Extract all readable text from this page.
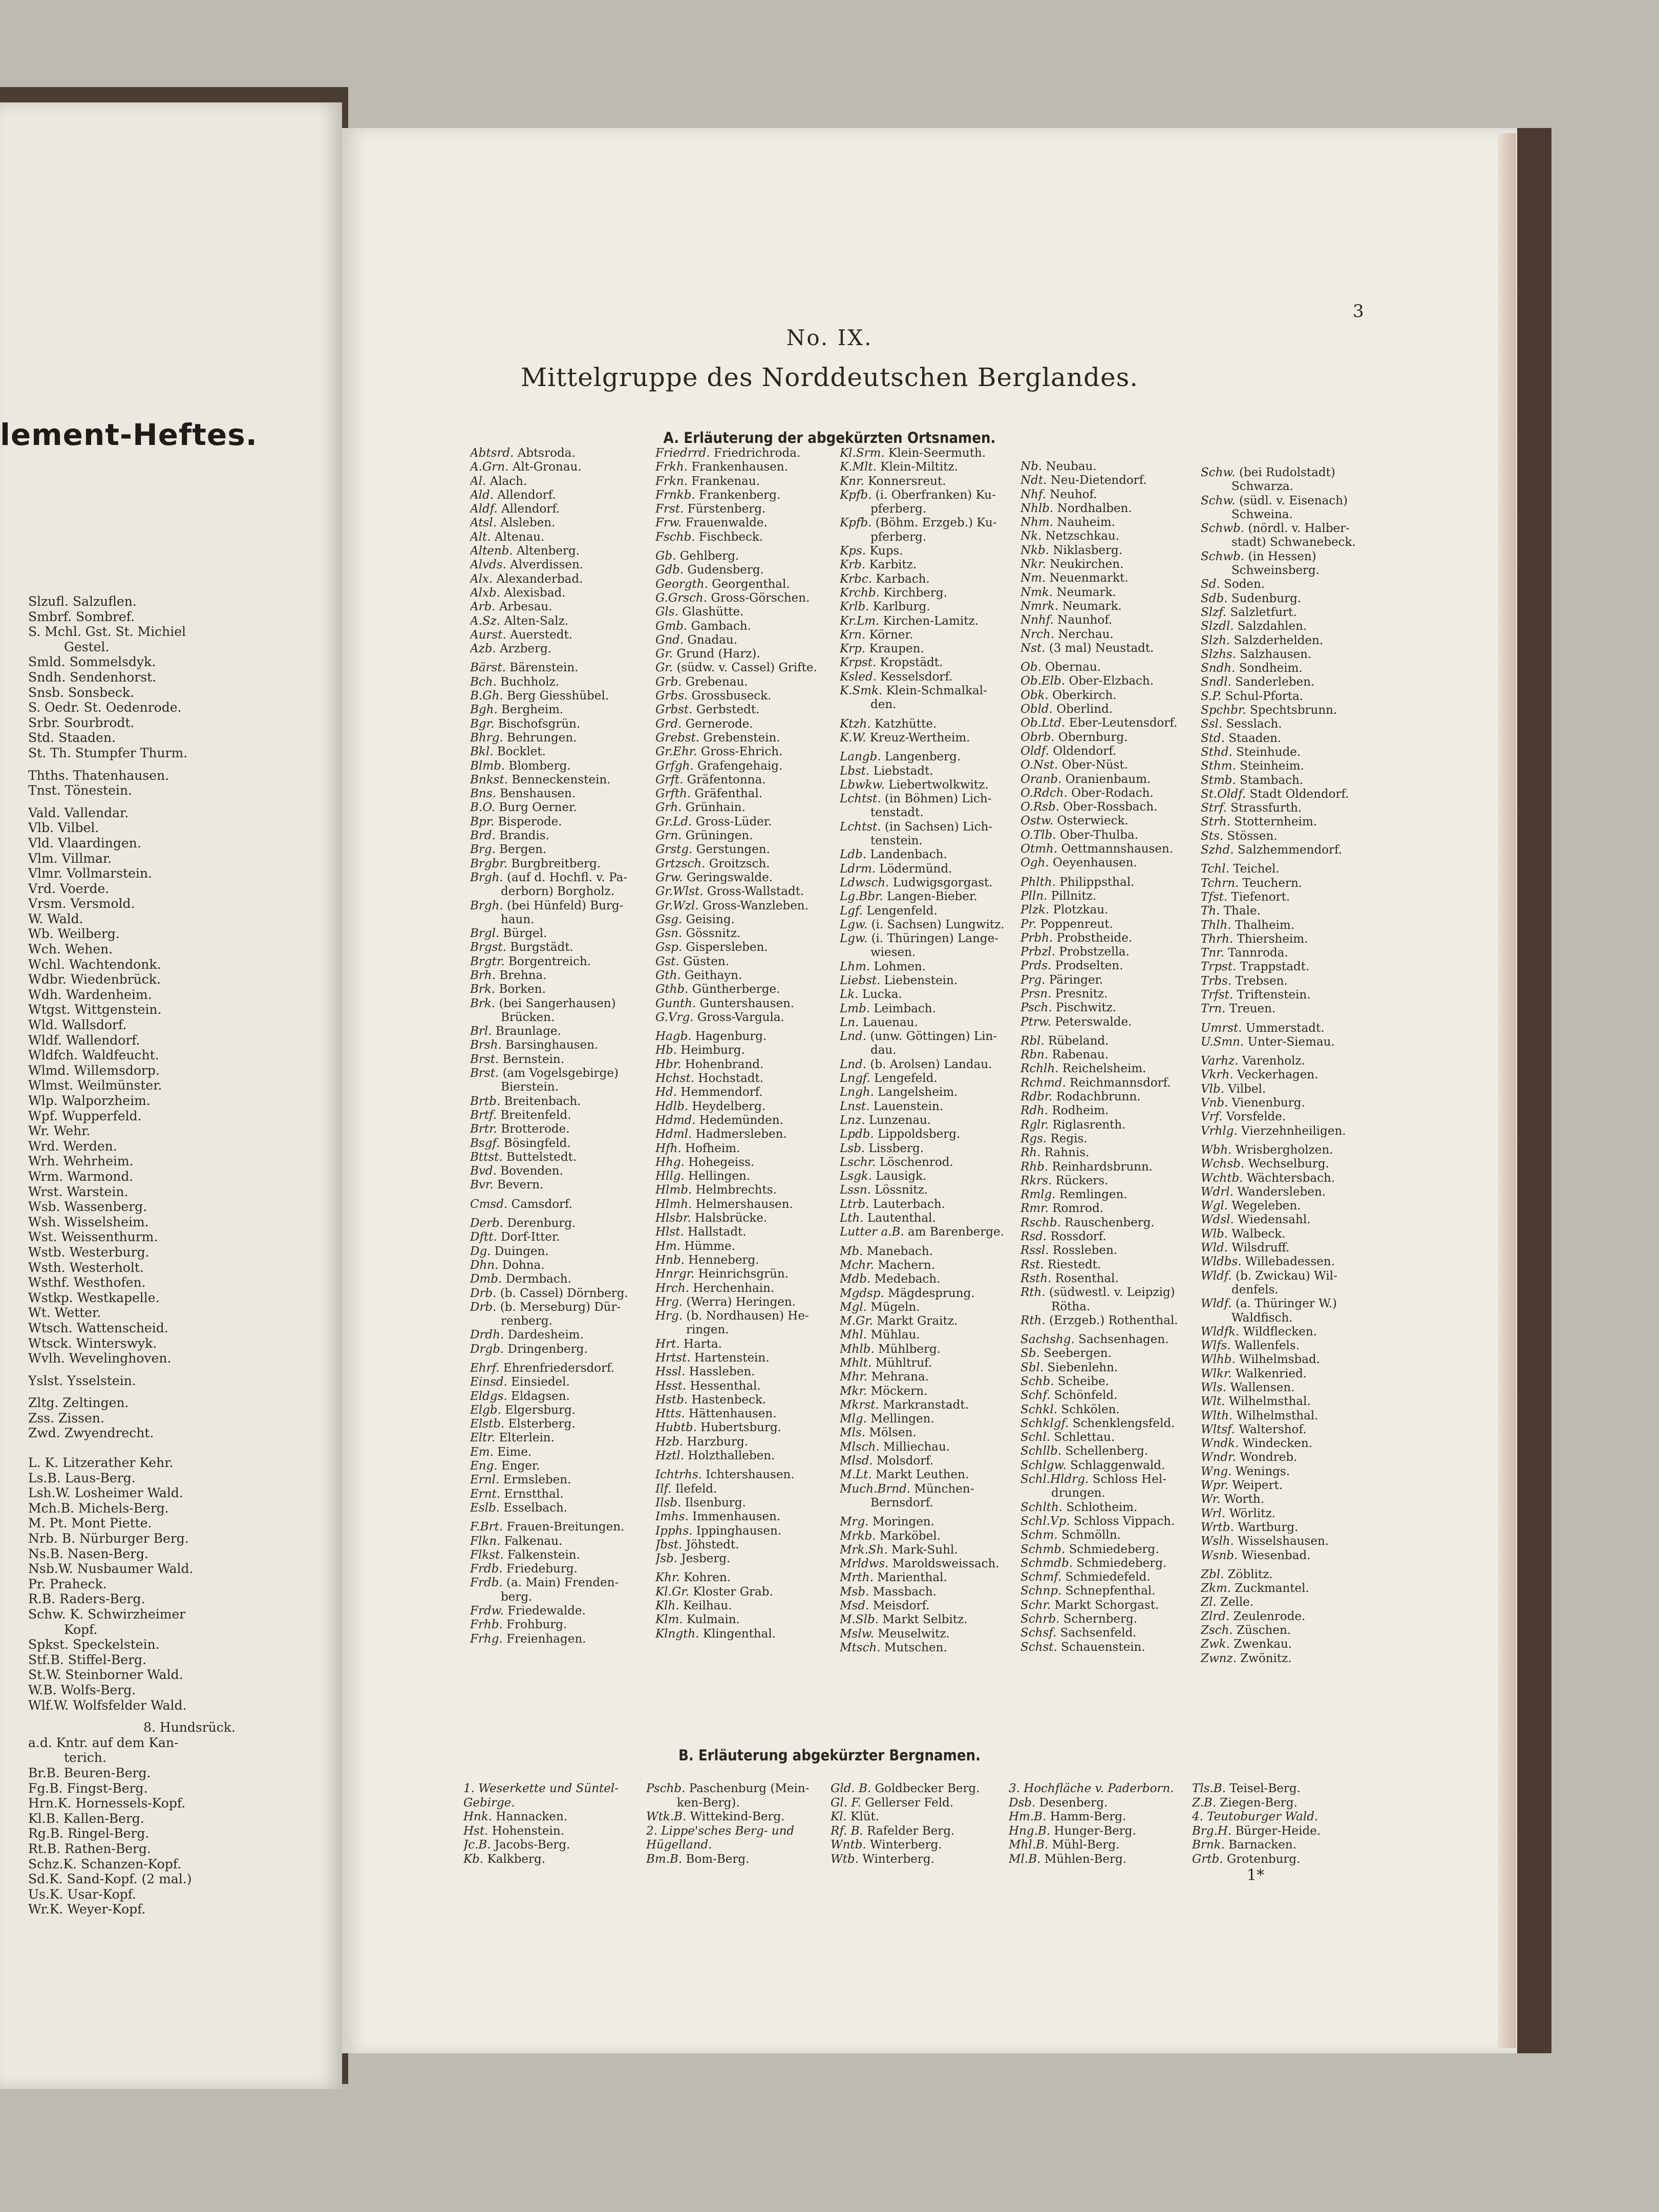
lement-Heftes.
Slzufl. Salzuflen.
Smbrf. Sombref.
S. Mchl. Gst. St. Michiel
Gestel.
Smld. Sommelsdyk.
Sndh. Sendenhorst.
Snsb. Sonsbeck.
S. Oedr. St. Oedenrode.
Srbr. Sourbrodt.
Std. Staaden.
St. Th. Stumpfer Thurm.
Thths. Thatenhausen.
Tnst. Tönestein.
Vald. Vallendar.
Vlb. Vilbel.
Vld. Vlaardingen.
Vlm. Villmar.
Vlmr. Vollmarstein.
Vrd. Voerde.
Vrsm. Versmold.
W. Wald.
Wb. Weilberg.
Wch. Wehen.
Wchl. Wachtendonk.
Wdbr. Wiedenbrück.
Wdh. Wardenheim.
Wtgst. Wittgenstein.
Wld. Wallsdorf.
Wldf. Wallendorf.
Wldfch. Waldfeucht.
Wlmd. Willemsdorp.
Wlmst. Weilmünster.
Wlp. Walporzheim.
Wpf. Wupperfeld.
Wr. Wehr.
Wrd. Werden.
Wrh. Wehrheim.
Wrm. Warmond.
Wrst. Warstein.
Wsb. Wassenberg.
Wsh. Wisselsheim.
Wst. Weissenthurm.
Wstb. Westerburg.
Wsth. Westerholt.
Wsthf. Westhofen.
Wstkp. Westkapelle.
Wt. Wetter.
Wtsch. Wattenscheid.
Wtsck. Winterswyk.
Wvlh. Wevelinghoven.
Yslst. Ysselstein.
Zltg. Zeltingen.
Zss. Zissen.
Zwd. Zwyendrecht.
L. K. Litzerather Kehr.
Ls.B. Laus-Berg.
Lsh.W. Losheimer Wald.
Mch.B. Michels-Berg.
M. Pt. Mont Piette.
Nrb. B. Nürburger Berg.
Ns.B. Nasen-Berg.
Nsb.W. Nusbaumer Wald.
Pr. Praheck.
R.B. Raders-Berg.
Schw. K. Schwirzheimer
Kopf.
Spkst. Speckelstein.
Stf.B. Stiffel-Berg.
St.W. Steinborner Wald.
W.B. Wolfs-Berg.
Wlf.W. Wolfsfelder Wald.
8. Hundsrück.
a.d. Kntr. auf dem Kan-
terich.
Br.B. Beuren-Berg.
Fg.B. Fingst-Berg.
Hrn.K. Hornessels-Kopf.
Kl.B. Kallen-Berg.
Rg.B. Ringel-Berg.
Rt.B. Rathen-Berg.
Schz.K. Schanzen-Kopf.
Sd.K. Sand-Kopf. (2 mal.)
Us.K. Usar-Kopf.
Wr.K. Weyer-Kopf.
3
No. IX.
Mittelgruppe des Norddeutschen Berglandes.
A. Erläuterung der abgekürzten Ortsnamen.
Abtsrd. Abtsroda.
A.Grn. Alt-Gronau.
Al. Alach.
Ald. Allendorf.
Aldf. Allendorf.
Atsl. Alsleben.
Alt. Altenau.
Altenb. Altenberg.
Alvds. Alverdissen.
Alx. Alexanderbad.
Alxb. Alexisbad.
Arb. Arbesau.
A.Sz. Alten-Salz.
Aurst. Auerstedt.
Azb. Arzberg.
Bärst. Bärenstein.
Bch. Buchholz.
B.Gh. Berg Giesshübel.
Bgh. Bergheim.
Bgr. Bischofsgrün.
Bhrg. Behrungen.
Bkl. Bocklet.
Blmb. Blomberg.
Bnkst. Benneckenstein.
Bns. Benshausen.
B.O. Burg Oerner.
Bpr. Bisperode.
Brd. Brandis.
Brg. Bergen.
Brgbr. Burgbreitberg.
Brgh. (auf d. Hochfl. v. Pa-
derborn) Borgholz.
Brgh. (bei Hünfeld) Burg-
haun.
Brgl. Bürgel.
Brgst. Burgstädt.
Brgtr. Borgentreich.
Brh. Brehna.
Brk. Borken.
Brk. (bei Sangerhausen)
Brücken.
Brl. Braunlage.
Brsh. Barsinghausen.
Brst. Bernstein.
Brst. (am Vogelsgebirge)
Bierstein.
Brtb. Breitenbach.
Brtf. Breitenfeld.
Brtr. Brotterode.
Bsgf. Bösingfeld.
Bttst. Buttelstedt.
Bvd. Bovenden.
Bvr. Bevern.
Cmsd. Camsdorf.
Derb. Derenburg.
Dftt. Dorf-Itter.
Dg. Duingen.
Dhn. Dohna.
Dmb. Dermbach.
Drb. (b. Cassel) Dörnberg.
Drb. (b. Merseburg) Dür-
renberg.
Drdh. Dardesheim.
Drgb. Dringenberg.
Ehrf. Ehrenfriedersdorf.
Einsd. Einsiedel.
Eldgs. Eldagsen.
Elgb. Elgersburg.
Elstb. Elsterberg.
Eltr. Elterlein.
Em. Eime.
Eng. Enger.
Ernl. Ermsleben.
Ernt. Ernstthal.
Eslb. Esselbach.
F.Brt. Frauen-Breitungen.
Flkn. Falkenau.
Flkst. Falkenstein.
Frdb. Friedeburg.
Frdb. (a. Main) Frenden-
berg.
Frdw. Friedewalde.
Frhb. Frohburg.
Frhg. Freienhagen.
Friedrrd. Friedrichroda.
Frkh. Frankenhausen.
Frkn. Frankenau.
Frnkb. Frankenberg.
Frst. Fürstenberg.
Frw. Frauenwalde.
Fschb. Fischbeck.
Gb. Gehlberg.
Gdb. Gudensberg.
Georgth. Georgenthal.
G.Grsch. Gross-Görschen.
Gls. Glashütte.
Gmb. Gambach.
Gnd. Gnadau.
Gr. Grund (Harz).
Gr. (südw. v. Cassel) Grifte.
Grb. Grebenau.
Grbs. Grossbuseck.
Grbst. Gerbstedt.
Grd. Gernerode.
Grebst. Grebenstein.
Gr.Ehr. Gross-Ehrich.
Grfgh. Grafengehaig.
Grft. Gräfentonna.
Grfth. Gräfenthal.
Grh. Grünhain.
Gr.Ld. Gross-Lüder.
Grn. Grüningen.
Grstg. Gerstungen.
Grtzsch. Groitzsch.
Grw. Geringswalde.
Gr.Wlst. Gross-Wallstadt.
Gr.Wzl. Gross-Wanzleben.
Gsg. Geising.
Gsn. Gössnitz.
Gsp. Gispersleben.
Gst. Güsten.
Gth. Geithayn.
Gthb. Güntherberge.
Gunth. Guntershausen.
G.Vrg. Gross-Vargula.
Hagb. Hagenburg.
Hb. Heimburg.
Hbr. Hohenbrand.
Hchst. Hochstadt.
Hd. Hemmendorf.
Hdlb. Heydelberg.
Hdmd. Hedemünden.
Hdml. Hadmersleben.
Hfh. Hofheim.
Hhg. Hohegeiss.
Hllg. Hellingen.
Hlmb. Helmbrechts.
Hlmh. Helmershausen.
Hlsbr. Halsbrücke.
Hlst. Hallstadt.
Hm. Hümme.
Hnb. Henneberg.
Hnrgr. Heinrichsgrün.
Hrch. Herchenhain.
Hrg. (Werra) Heringen.
Hrg. (b. Nordhausen) He-
ringen.
Hrt. Harta.
Hrtst. Hartenstein.
Hssl. Hassleben.
Hsst. Hessenthal.
Hstb. Hastenbeck.
Htts. Hättenhausen.
Hubtb. Hubertsburg.
Hzb. Harzburg.
Hztl. Holzthalleben.
Ichtrhs. Ichtershausen.
Ilf. Ilefeld.
Ilsb. Ilsenburg.
Imhs. Immenhausen.
Ipphs. Ippinghausen.
Jbst. Jöhstedt.
Jsb. Jesberg.
Khr. Kohren.
Kl.Gr. Kloster Grab.
Klh. Keilhau.
Klm. Kulmain.
Klngth. Klingenthal.
Kl.Srm. Klein-Seermuth.
K.Mlt. Klein-Miltitz.
Knr. Konnersreut.
Kpfb. (i. Oberfranken) Ku-
pferberg.
Kpfb. (Böhm. Erzgeb.) Ku-
pferberg.
Kps. Kups.
Krb. Karbitz.
Krbc. Karbach.
Krchb. Kirchberg.
Krlb. Karlburg.
Kr.Lm. Kirchen-Lamitz.
Krn. Körner.
Krp. Kraupen.
Krpst. Kropstädt.
Ksled. Kesselsdorf.
K.Smk. Klein-Schmalkal-
den.
Ktzh. Katzhütte.
K.W. Kreuz-Wertheim.
Langb. Langenberg.
Lbst. Liebstadt.
Lbwkw. Liebertwolkwitz.
Lchtst. (in Böhmen) Lich-
tenstadt.
Lchtst. (in Sachsen) Lich-
tenstein.
Ldb. Landenbach.
Ldrm. Lödermünd.
Ldwsch. Ludwigsgorgast.
Lg.Bbr. Langen-Bieber.
Lgf. Lengenfeld.
Lgw. (i. Sachsen) Lungwitz.
Lgw. (i. Thüringen) Lange-
wiesen.
Lhm. Lohmen.
Liebst. Liebenstein.
Lk. Lucka.
Lmb. Leimbach.
Ln. Lauenau.
Lnd. (unw. Göttingen) Lin-
dau.
Lnd. (b. Arolsen) Landau.
Lngf. Lengefeld.
Lngh. Langelsheim.
Lnst. Lauenstein.
Lnz. Lunzenau.
Lpdb. Lippoldsberg.
Lsb. Lissberg.
Lschr. Löschenrod.
Lsgk. Lausigk.
Lssn. Lössnitz.
Ltrb. Lauterbach.
Lth. Lautenthal.
Lutter a.B. am Barenberge.
Mb. Manebach.
Mchr. Machern.
Mdb. Medebach.
Mgdsp. Mägdesprung.
Mgl. Mügeln.
M.Gr. Markt Graitz.
Mhl. Mühlau.
Mhlb. Mühlberg.
Mhlt. Mühltruf.
Mhr. Mehrana.
Mkr. Möckern.
Mkrst. Markranstadt.
Mlg. Mellingen.
Mls. Mölsen.
Mlsch. Milliechau.
Mlsd. Molsdorf.
M.Lt. Markt Leuthen.
Much.Brnd. München-
Bernsdorf.
Mrg. Moringen.
Mrkb. Marköbel.
Mrk.Sh. Mark-Suhl.
Mrldws. Maroldsweissach.
Mrth. Marienthal.
Msb. Massbach.
Msd. Meisdorf.
M.Slb. Markt Selbitz.
Mslw. Meuselwitz.
Mtsch. Mutschen.
Nb. Neubau.
Ndt. Neu-Dietendorf.
Nhf. Neuhof.
Nhlb. Nordhalben.
Nhm. Nauheim.
Nk. Netzschkau.
Nkb. Niklasberg.
Nkr. Neukirchen.
Nm. Neuenmarkt.
Nmk. Neumark.
Nmrk. Neumark.
Nnhf. Naunhof.
Nrch. Nerchau.
Nst. (3 mal) Neustadt.
Ob. Obernau.
Ob.Elb. Ober-Elzbach.
Obk. Oberkirch.
Obld. Oberlind.
Ob.Ltd. Eber-Leutensdorf.
Obrb. Obernburg.
Oldf. Oldendorf.
O.Nst. Ober-Nüst.
Oranb. Oranienbaum.
O.Rdch. Ober-Rodach.
O.Rsb. Ober-Rossbach.
Ostw. Osterwieck.
O.Tlb. Ober-Thulba.
Otmh. Oettmannshausen.
Ogh. Oeyenhausen.
Phlth. Philippsthal.
Plln. Pillnitz.
Plzk. Plotzkau.
Pr. Poppenreut.
Prbh. Probstheide.
Prbzl. Probstzella.
Prds. Prodselten.
Prg. Päringer.
Prsn. Presnitz.
Psch. Pischwitz.
Ptrw. Peterswalde.
Rbl. Rübeland.
Rbn. Rabenau.
Rchlh. Reichelsheim.
Rchmd. Reichmannsdorf.
Rdbr. Rodachbrunn.
Rdh. Rodheim.
Rglr. Riglasrenth.
Rgs. Regis.
Rh. Rahnis.
Rhb. Reinhardsbrunn.
Rkrs. Rückers.
Rmlg. Remlingen.
Rmr. Romrod.
Rschb. Rauschenberg.
Rsd. Rossdorf.
Rssl. Rossleben.
Rst. Riestedt.
Rsth. Rosenthal.
Rth. (südwestl. v. Leipzig)
Rötha.
Rth. (Erzgeb.) Rothenthal.
Sachshg. Sachsenhagen.
Sb. Seebergen.
Sbl. Siebenlehn.
Schb. Scheibe.
Schf. Schönfeld.
Schkl. Schkölen.
Schklgf. Schenklengsfeld.
Schl. Schlettau.
Schllb. Schellenberg.
Schlgw. Schlaggenwald.
Schl.Hldrg. Schloss Hel-
drungen.
Schlth. Schlotheim.
Schl.Vp. Schloss Vippach.
Schm. Schmölln.
Schmb. Schmiedeberg.
Schmdb. Schmiedeberg.
Schmf. Schmiedefeld.
Schnp. Schnepfenthal.
Schr. Markt Schorgast.
Schrb. Schernberg.
Schsf. Sachsenfeld.
Schst. Schauenstein.
Schw. (bei Rudolstadt)
Schwarza.
Schw. (südl. v. Eisenach)
Schweina.
Schwb. (nördl. v. Halber-
stadt) Schwanebeck.
Schwb. (in Hessen)
Schweinsberg.
Sd. Soden.
Sdb. Sudenburg.
Slzf. Salzletfurt.
Slzdl. Salzdahlen.
Slzh. Salzderhelden.
Slzhs. Salzhausen.
Sndh. Sondheim.
Sndl. Sanderleben.
S.P. Schul-Pforta.
Spchbr. Spechtsbrunn.
Ssl. Sesslach.
Std. Staaden.
Sthd. Steinhude.
Sthm. Steinheim.
Stmb. Stambach.
St.Oldf. Stadt Oldendorf.
Strf. Strassfurth.
Strh. Stotternheim.
Sts. Stössen.
Szhd. Salzhemmendorf.
Tchl. Teichel.
Tchrn. Teuchern.
Tfst. Tiefenort.
Th. Thale.
Thlh. Thalheim.
Thrh. Thiersheim.
Tnr. Tannroda.
Trpst. Trappstadt.
Trbs. Trebsen.
Trfst. Triftenstein.
Trn. Treuen.
Umrst. Ummerstadt.
U.Smn. Unter-Siemau.
Varhz. Varenholz.
Vkrh. Veckerhagen.
Vlb. Vilbel.
Vnb. Vienenburg.
Vrf. Vorsfelde.
Vrhlg. Vierzehnheiligen.
Wbh. Wrisbergholzen.
Wchsb. Wechselburg.
Wchtb. Wächtersbach.
Wdrl. Wandersleben.
Wgl. Wegeleben.
Wdsl. Wiedensahl.
Wlb. Walbeck.
Wld. Wilsdruff.
Wldbs. Willebadessen.
Wldf. (b. Zwickau) Wil-
denfels.
Wldf. (a. Thüringer W.)
Waldfisch.
Wldfk. Wildflecken.
Wlfs. Wallenfels.
Wlhb. Wilhelmsbad.
Wlkr. Walkenried.
Wls. Wallensen.
Wlt. Wilhelmsthal.
Wlth. Wilhelmsthal.
Wltsf. Waltershof.
Wndk. Windecken.
Wndr. Wondreb.
Wng. Wenings.
Wpr. Weipert.
Wr. Worth.
Wrl. Wörlitz.
Wrtb. Wartburg.
Wslh. Wisselshausen.
Wsnb. Wiesenbad.
Zbl. Zöblitz.
Zkm. Zuckmantel.
Zl. Zelle.
Zlrd. Zeulenrode.
Zsch. Züschen.
Zwk. Zwenkau.
Zwnz. Zwönitz.
B. Erläuterung abgekürzter Bergnamen.
1. Weserkette und Süntel-
Gebirge.
Hnk. Hannacken.
Hst. Hohenstein.
Jc.B. Jacobs-Berg.
Kb. Kalkberg.
Pschb. Paschenburg (Mein-
ken-Berg).
Wtk.B. Wittekind-Berg.
2. Lippe'sches Berg- und
Hügelland.
Bm.B. Bom-Berg.
Gld. B. Goldbecker Berg.
Gl. F. Gellerser Feld.
Kl. Klüt.
Rf. B. Rafelder Berg.
Wntb. Winterberg.
Wtb. Winterberg.
3. Hochfläche v. Paderborn.
Dsb. Desenberg.
Hm.B. Hamm-Berg.
Hng.B. Hunger-Berg.
Mhl.B. Mühl-Berg.
Ml.B. Mühlen-Berg.
Tls.B. Teisel-Berg.
Z.B. Ziegen-Berg.
4. Teutoburger Wald.
Brg.H. Bürger-Heide.
Brnk. Barnacken.
Grtb. Grotenburg.
1*
